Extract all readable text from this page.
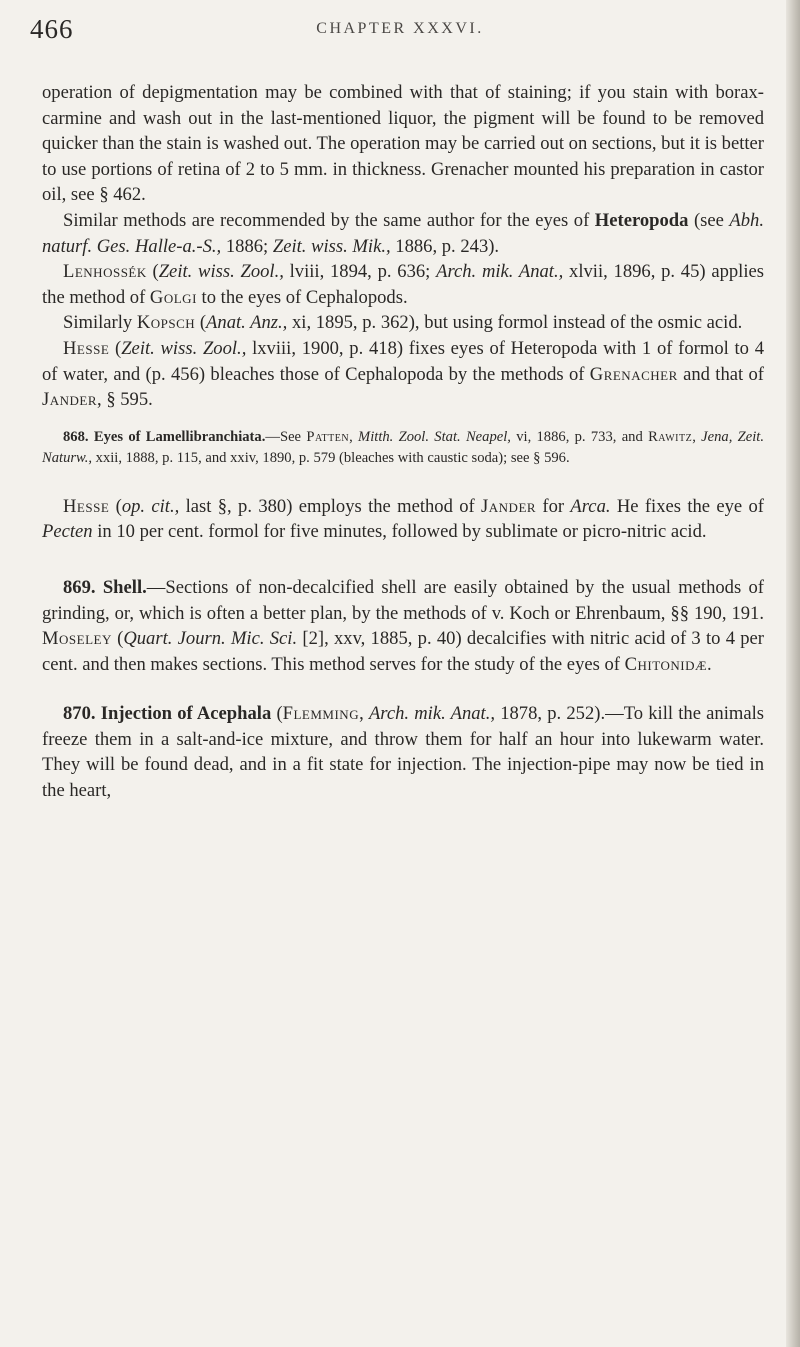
466	CHAPTER XXXVI.

operation of depigmentation may be combined with that of staining; if you stain with borax-carmine and wash out in the last-mentioned liquor, the pigment will be found to be removed quicker than the stain is washed out. The operation may be carried out on sections, but it is better to use portions of retina of 2 to 5 mm. in thickness. Grenacher mounted his preparation in castor oil, see § 462.

Similar methods are recommended by the same author for the eyes of Heteropoda (see Abh. naturf. Ges. Halle-a.-S., 1886; Zeit. wiss. Mik., 1886, p. 243).

Lenhossék (Zeit. wiss. Zool., lviii, 1894, p. 636; Arch. mik. Anat., xlvii, 1896, p. 45) applies the method of Golgi to the eyes of Cephalopods.

Similarly Kopsch (Anat. Anz., xi, 1895, p. 362), but using formol instead of the osmic acid.

Hesse (Zeit. wiss. Zool., lxviii, 1900, p. 418) fixes eyes of Heteropoda with 1 of formol to 4 of water, and (p. 456) bleaches those of Cephalopoda by the methods of Grenacher and that of Jander, § 595.

868. Eyes of Lamellibranchiata.—See Patten, Mitth. Zool. Stat. Neapel, vi, 1886, p. 733, and Rawitz, Jena, Zeit. Naturw., xxii, 1888, p. 115, and xxiv, 1890, p. 579 (bleaches with caustic soda); see § 596.

Hesse (op. cit., last §, p. 380) employs the method of Jander for Arca. He fixes the eye of Pecten in 10 per cent. formol for five minutes, followed by sublimate or picro-nitric acid.

869. Shell.—Sections of non-decalcified shell are easily obtained by the usual methods of grinding, or, which is often a better plan, by the methods of v. Koch or Ehrenbaum, §§ 190, 191. Moseley (Quart. Journ. Mic. Sci. [2], xxv, 1885, p. 40) decalcifies with nitric acid of 3 to 4 per cent. and then makes sections. This method serves for the study of the eyes of Chitonidæ.

870. Injection of Acephala (Flemming, Arch. mik. Anat., 1878, p. 252).—To kill the animals freeze them in a salt-and-ice mixture, and throw them for half an hour into lukewarm water. They will be found dead, and in a fit state for injection. The injection-pipe may now be tied in the heart,
